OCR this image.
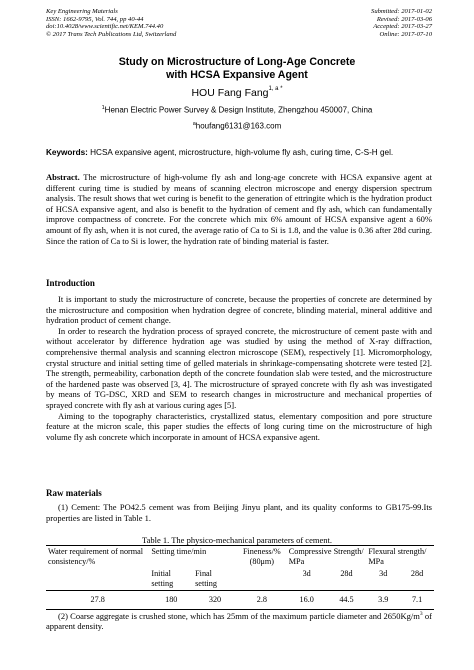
Key Engineering Materials
ISSN: 1662-9795, Vol. 744, pp 40-44
doi:10.4028/www.scientific.net/KEM.744.40
© 2017 Trans Tech Publications Ltd, Switzerland
Submitted: 2017-01-02
Revised: 2017-03-06
Accepted: 2017-03-27
Online: 2017-07-10
Study on Microstructure of Long-Age Concrete
with HCSA Expansive Agent
HOU Fang Fang$^{1, a *}$
$^1$Henan Electric Power Survey & Design Institute, Zhengzhou 450007, China
$^a$houfang6131@163.com
Keywords: HCSA expansive agent, microstructure, high-volume fly ash, curing time, C-S-H gel.

Abstract. The microstructure of high-volume fly ash and long-age concrete with HCSA expansive agent at different curing time is studied by means of scanning electron microscope and energy dispersion spectrum analysis. The result shows that wet curing is benefit to the generation of ettringite which is the hydration product of HCSA expansive agent, and also is benefit to the hydration of cement and fly ash, which can fundamentally improve compactness of concrete. For the concrete which mix 6% amount of HCSA expansive agent a 60% amount of fly ash, when it is not cured, the average ratio of Ca to Si is 1.8, and the value is 0.36 after 28d curing. Since the ration of Ca to Si is lower, the hydration rate of binding material is faster.

Introduction

It is important to study the microstructure of concrete, because the properties of concrete are determined by the microstructure and composition when hydration degree of concrete, blinding material, mineral additive and hydration product of cement change.

In order to research the hydration process of sprayed concrete, the microstructure of cement paste with and without accelerator by difference hydration age was studied by using the method of X-ray diffraction, comprehensive thermal analysis and scanning electron microscope (SEM), respectively [1]. Micromorphology, crystal structure and initial setting time of gelled materials in shrinkage-compensating shotcrete were tested [2]. The strength, permeability, carbonation depth of the concrete foundation slab were tested, and the microstructure of the hardened paste was observed [3, 4]. The microstructure of sprayed concrete with fly ash was investigated by means of TG-DSC, XRD and SEM to research changes in microstructure and mechanical properties of sprayed concrete with fly ash at various curing ages [5].

Aiming to the topography characteristics, crystallized status, elementary composition and pore structure feature at the micron scale, this paper studies the effects of long curing time on the microstructure of high volume fly ash concrete which incorporate in amount of HCSA expansive agent.

Raw materials

(1) Cement: The PO42.5 cement was from Beijing Jinyu plant, and its quality conforms to GB175-99.Its properties are listed in Table 1.

Table 1. The physico-mechanical parameters of cement.
Water requirement of normal consistency/%	Setting time/min		Fineness/% (80μm)	Compressive Strength/ MPa		Flexural strength/ MPa	
	Initial setting	Final setting		3d	28d	3d	28d
27.8	180	320	2.8	16.0	44.5	3.9	7.1

(2) Coarse aggregate is crushed stone, which has 25mm of the maximum particle diameter and $2650Kg/m^3$ of apparent density.
